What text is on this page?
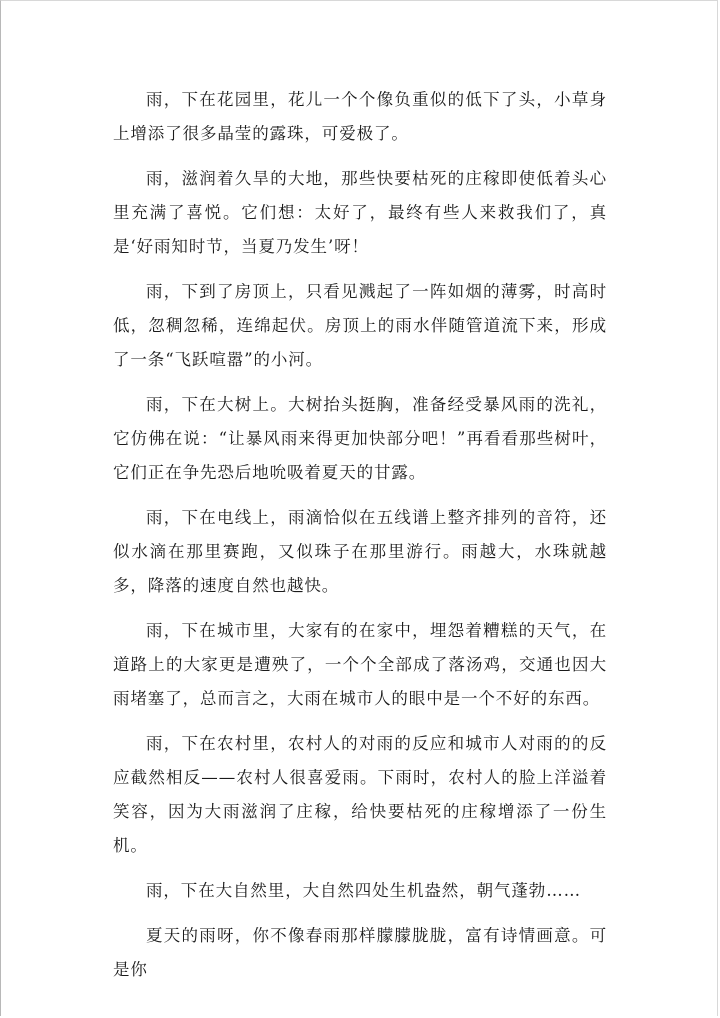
雨，下在花园里，花儿一个个像负重似的低下了头，小草身上增添了很多晶莹的露珠，可爱极了。

雨，滋润着久旱的大地，那些快要枯死的庄稼即使低着头心里充满了喜悦。它们想：太好了，最终有些人来救我们了，真是‘好雨知时节，当夏乃发生’呀！

雨，下到了房顶上，只看见溅起了一阵如烟的薄雾，时高时低，忽稠忽稀，连绵起伏。房顶上的雨水伴随管道流下来，形成了一条“飞跃喧嚣”的小河。

雨，下在大树上。大树抬头挺胸，准备经受暴风雨的洗礼，它仿佛在说：“让暴风雨来得更加快部分吧！”再看看那些树叶，它们正在争先恐后地吮吸着夏天的甘露。

雨，下在电线上，雨滴恰似在五线谱上整齐排列的音符，还似水滴在那里赛跑，又似珠子在那里游行。雨越大，水珠就越多，降落的速度自然也越快。

雨，下在城市里，大家有的在家中，埋怨着糟糕的天气，在道路上的大家更是遭殃了，一个个全部成了落汤鸡，交通也因大雨堵塞了，总而言之，大雨在城市人的眼中是一个不好的东西。

雨，下在农村里，农村人的对雨的反应和城市人对雨的的反应截然相反——农村人很喜爱雨。下雨时，农村人的脸上洋溢着笑容，因为大雨滋润了庄稼，给快要枯死的庄稼增添了一份生机。

雨，下在大自然里，大自然四处生机盎然，朝气蓬勃……

夏天的雨呀，你不像春雨那样朦朦胧胧，富有诗情画意。可是你
